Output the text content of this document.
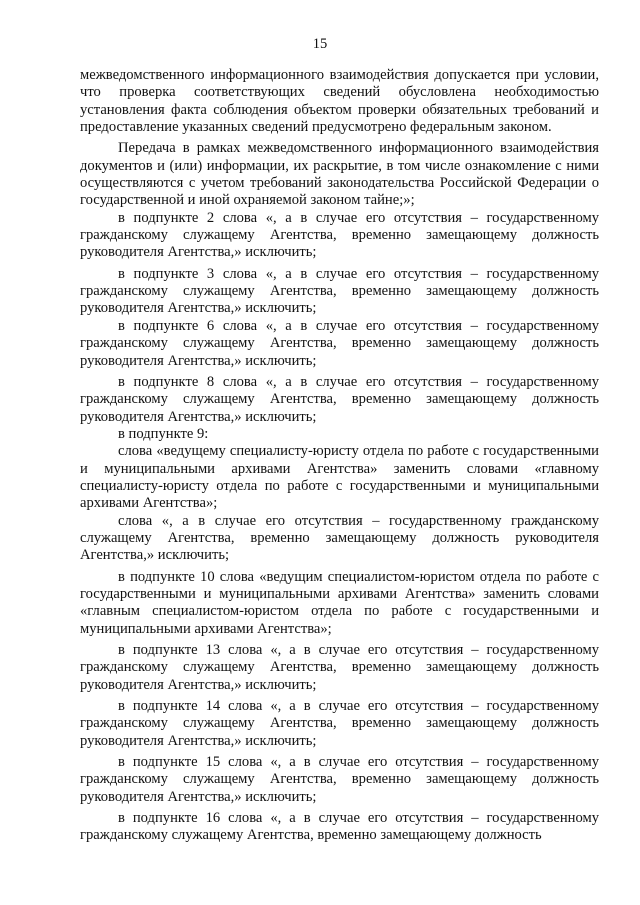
15

межведомственного информационного взаимодействия допускается при условии, что проверка соответствующих сведений обусловлена необходимостью установления факта соблюдения объектом проверки обязательных требований и предоставление указанных сведений предусмотрено федеральным законом.

Передача в рамках межведомственного информационного взаимодействия документов и (или) информации, их раскрытие, в том числе ознакомление с ними осуществляются с учетом требований законодательства Российской Федерации о государственной и иной охраняемой законом тайне;»;

в подпункте 2 слова «, а в случае его отсутствия – государственному гражданскому служащему Агентства, временно замещающему должность руководителя Агентства,» исключить;

в подпункте 3 слова «, а в случае его отсутствия – государственному гражданскому служащему Агентства, временно замещающему должность руководителя Агентства,» исключить;

в подпункте 6 слова «, а в случае его отсутствия – государственному гражданскому служащему Агентства, временно замещающему должность руководителя Агентства,» исключить;

в подпункте 8 слова «, а в случае его отсутствия – государственному гражданскому служащему Агентства, временно замещающему должность руководителя Агентства,» исключить;

в подпункте 9:

слова «ведущему специалисту-юристу отдела по работе с государственными и муниципальными архивами Агентства» заменить словами «главному специалисту-юристу отдела по работе с государственными и муниципальными архивами Агентства»;

слова «, а в случае его отсутствия – государственному гражданскому служащему Агентства, временно замещающему должность руководителя Агентства,» исключить;

в подпункте 10 слова «ведущим специалистом-юристом отдела по работе с государственными и муниципальными архивами Агентства» заменить словами «главным специалистом-юристом отдела по работе с государственными и муниципальными архивами Агентства»;

в подпункте 13 слова «, а в случае его отсутствия – государственному гражданскому служащему Агентства, временно замещающему должность руководителя Агентства,» исключить;

в подпункте 14 слова «, а в случае его отсутствия – государственному гражданскому служащему Агентства, временно замещающему должность руководителя Агентства,» исключить;

в подпункте 15 слова «, а в случае его отсутствия – государственному гражданскому служащему Агентства, временно замещающему должность руководителя Агентства,» исключить;

в подпункте 16 слова «, а в случае его отсутствия – государственному гражданскому служащему Агентства, временно замещающему должность
